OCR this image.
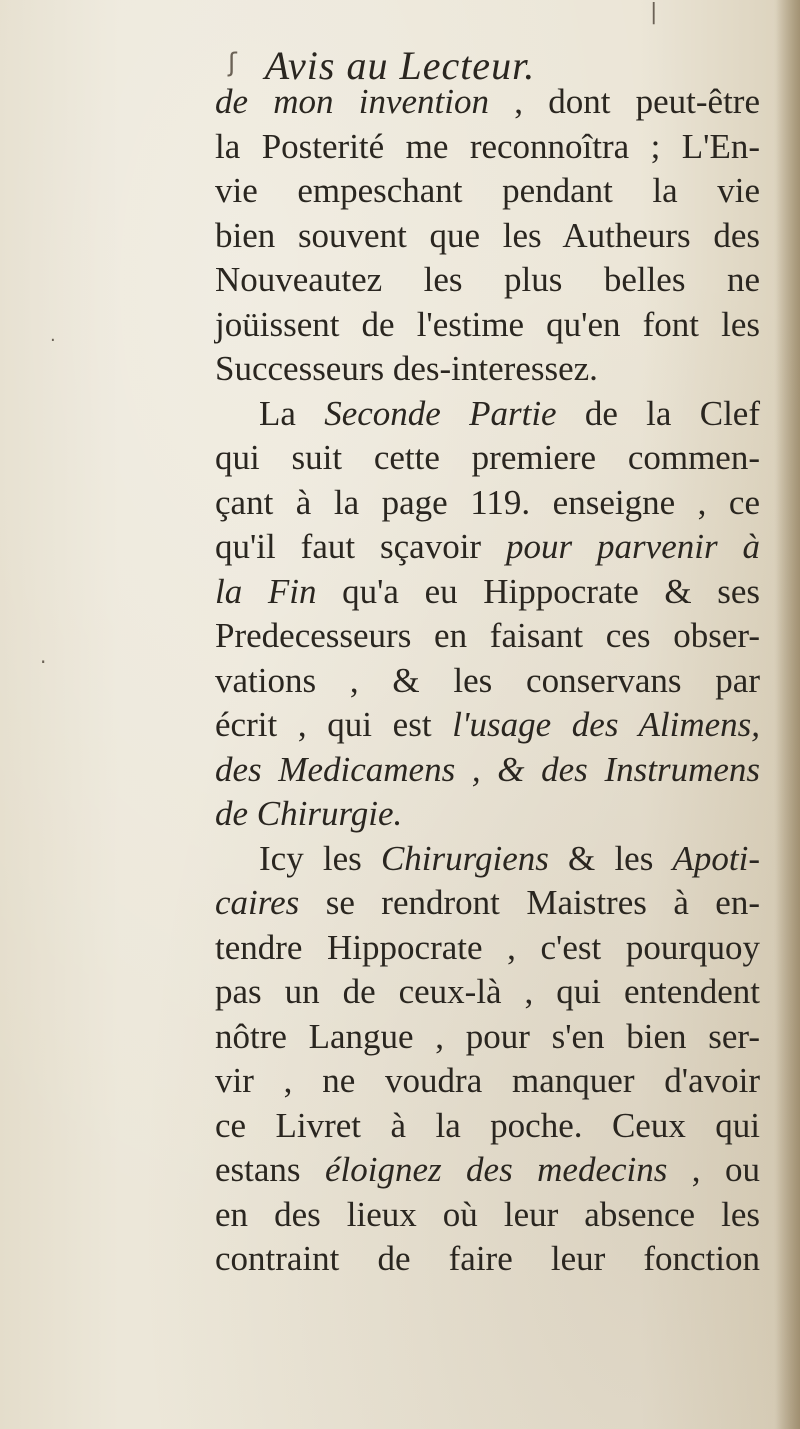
ʃ
·
·
|
Avis au Lecteur.
de mon invention , dont peut-être
la Posterité me reconnoîtra ; L'En-
vie empeschant pendant la vie
bien souvent que les Autheurs des
Nouveautez les plus belles ne
joüissent de l'estime qu'en font les
Successeurs des-interessez.
La Seconde Partie de la Clef
qui suit cette premiere commen-
çant à la page 119. enseigne , ce
qu'il faut sçavoir pour parvenir à
la Fin qu'a eu Hippocrate & ses
Predecesseurs en faisant ces obser-
vations , & les conservans par
écrit , qui est l'usage des Alimens,
des Medicamens , & des Instrumens
de Chirurgie.
Icy les Chirurgiens & les Apoti-
caires se rendront Maistres à en-
tendre Hippocrate , c'est pourquoy
pas un de ceux-là , qui entendent
nôtre Langue , pour s'en bien ser-
vir , ne voudra manquer d'avoir
ce Livret à la poche. Ceux qui
estans éloignez des medecins , ou
en des lieux où leur absence les
contraint de faire leur fonction
